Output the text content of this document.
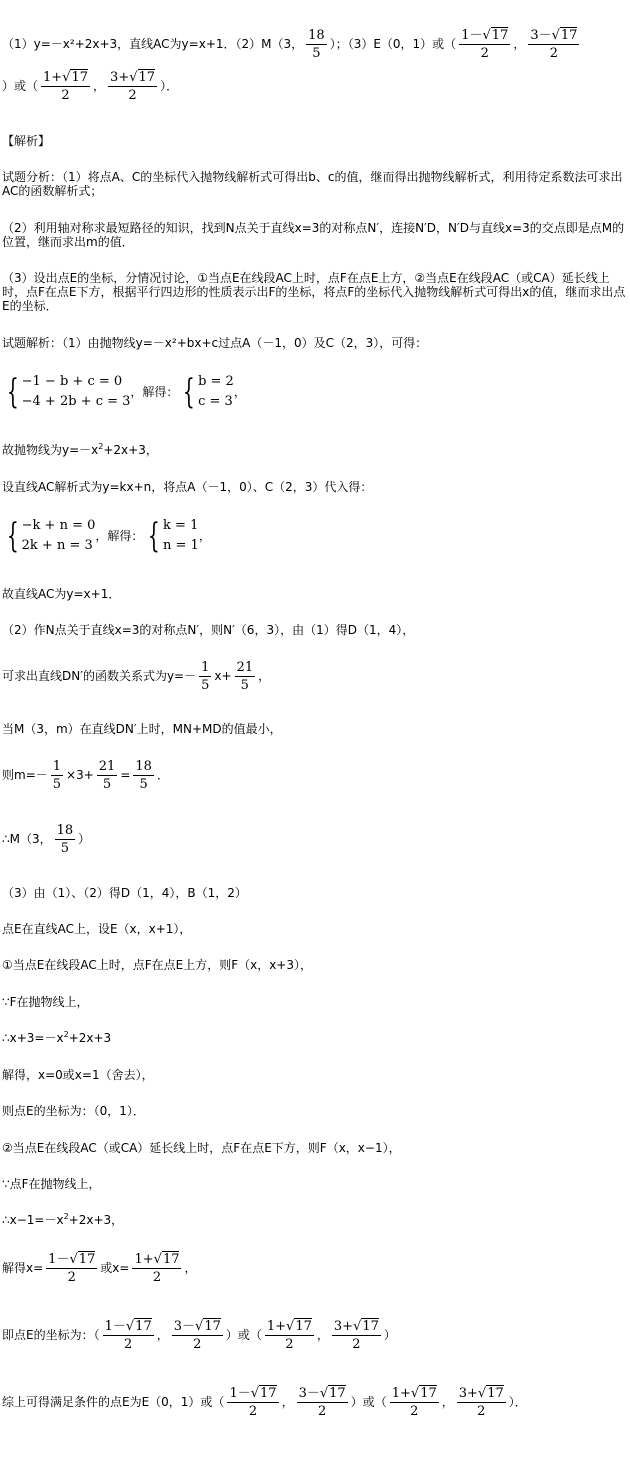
（1）y=－x²+2x+3，直线AC为y=x+1．（2）M（3， $\frac{18}{5}$ ）；（3）E（0，1）或（ $\frac{1-√17}{2}$ ， $\frac{3-√17}{2}$
）或（ $\frac{1+√17}{2}$ ， $\frac{3+√17}{2}$ ）．
【解析】
试题分析：（1）将点A、C的坐标代入抛物线解析式可得出b、c的值，继而得出抛物线解析式，利用待定系数法可求出AC的函数解析式；
（2）利用轴对称求最短路径的知识，找到N点关于直线x=3的对称点N′，连接N′D，N′D与直线x=3的交点即是点M的位置，继而求出m的值．
（3）设出点E的坐标，分情况讨论，①当点E在线段AC上时，点F在点E上方，②当点E在线段AC（或CA）延长线上时，点F在点E下方，根据平行四边形的性质表示出F的坐标，将点F的坐标代入抛物线解析式可得出x的值，继而求出点E的坐标．
试题解析：（1）由抛物线y=－x²+bx+c过点A（－1，0）及C（2，3），可得：
{ −1 − b + c = 0
−4 + 2b + c = 3
，解得： { b = 2
c = 3
，
故抛物线为$y=-x^2+2x+3$，
设直线AC解析式为y=kx+n，将点A（－1，0）、C（2，3）代入得：
{ −k + n = 0
2k + n = 3
，解得： { k = 1
n = 1
，
故直线AC为y=x+1．
（2）作N点关于直线x=3的对称点N′，则N′（6，3），由（1）得D（1，4），
可求出直线DN′的函数关系式为$y=- \frac{1}{5} x+ \frac{21}{5}$ ，
当M（3，m）在直线DN′上时，MN+MD的值最小，
则$m=- \frac{1}{5} \times 3+ \frac{21}{5} = \frac{18}{5}$ ．
∴M（3， $\frac{18}{5}$ ）
（3）由（1）、（2）得D（1，4），B（1，2）
点E在直线AC上，设E（x，x+1），
①当点E在线段AC上时，点F在点E上方，则F（x，x+3），
∵F在抛物线上，
$\therefore x+3=-x^2+2x+3$
解得，x=0或x=1（舍去），
则点E的坐标为：（0，1）．
②当点E在线段AC（或CA）延长线上时，点F在点E下方，则F（x，x−1），
∵点F在抛物线上，
$\therefore x-1=-x^2+2x+3$，
解得$x= \frac{1-√17}{2}$ 或$x= \frac{1+√17}{2}$ ，
即点E的坐标为：（ $\frac{1-√17}{2}$ ， $\frac{3-√17}{2}$ ）或（ $\frac{1+√17}{2}$ ， $\frac{3+√17}{2}$ ）
综上可得满足条件的点E为E（0，1）或（ $\frac{1-√17}{2}$ ， $\frac{3-√17}{2}$ ）或（ $\frac{1+√17}{2}$ ， $\frac{3+√17}{2}$ ）．
